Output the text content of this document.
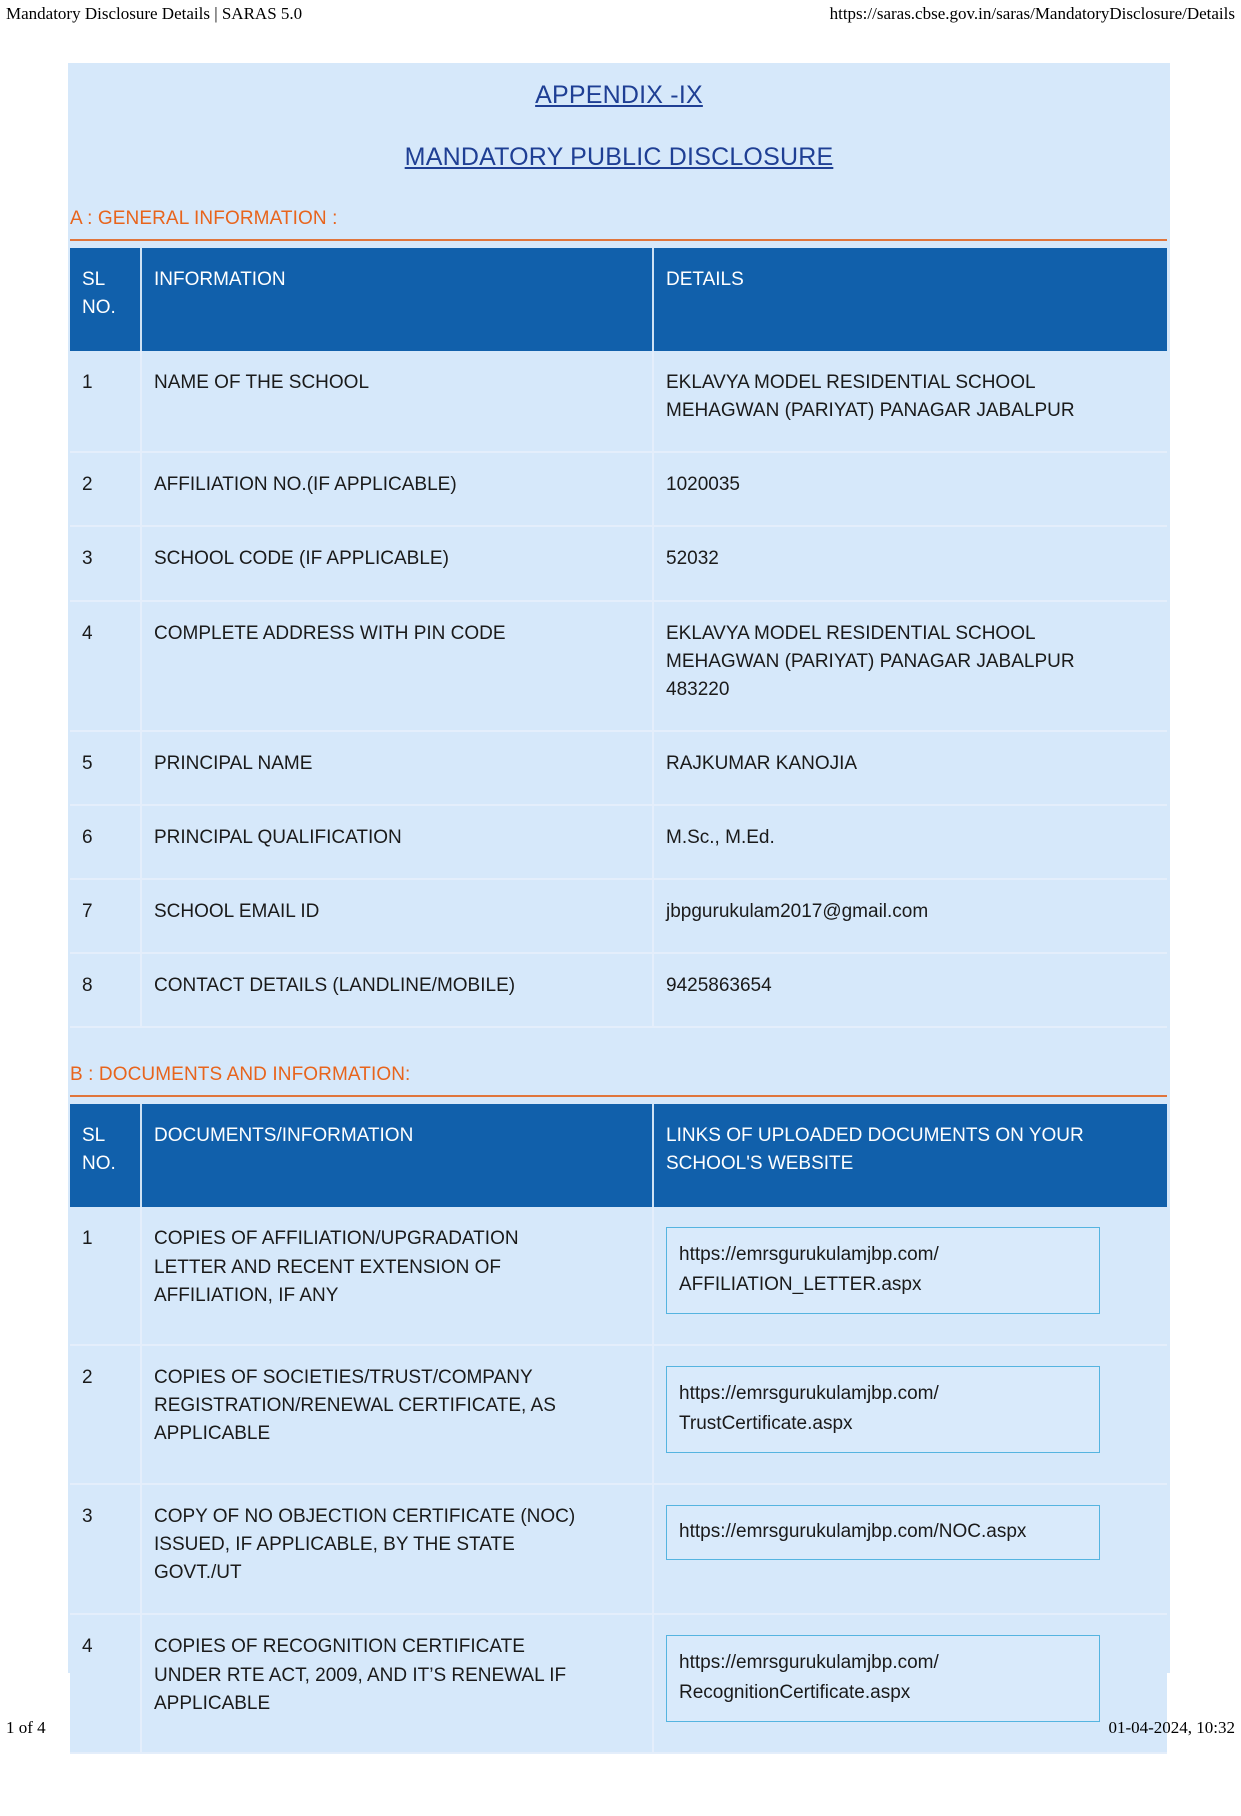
Mandatory Disclosure Details | SARAS 5.0	https://saras.cbse.gov.in/saras/MandatoryDisclosure/Details
APPENDIX -IX
MANDATORY PUBLIC DISCLOSURE
A : GENERAL INFORMATION :
SL
NO.	INFORMATION	DETAILS
1	NAME OF THE SCHOOL	EKLAVYA MODEL RESIDENTIAL SCHOOL
MEHAGWAN (PARIYAT) PANAGAR JABALPUR

2	AFFILIATION NO.(IF APPLICABLE)	1020035

3	SCHOOL CODE (IF APPLICABLE)	52032

4	COMPLETE ADDRESS WITH PIN CODE	EKLAVYA MODEL RESIDENTIAL SCHOOL
MEHAGWAN (PARIYAT) PANAGAR JABALPUR
483220

5	PRINCIPAL NAME	RAJKUMAR KANOJIA

6	PRINCIPAL QUALIFICATION	M.Sc., M.Ed.

7	SCHOOL EMAIL ID	jbpgurukulam2017@gmail.com

8	CONTACT DETAILS (LANDLINE/MOBILE)	9425863654
B : DOCUMENTS AND INFORMATION:
SL
NO.	DOCUMENTS/INFORMATION	LINKS OF UPLOADED DOCUMENTS ON YOUR
SCHOOL'S WEBSITE

1	COPIES OF AFFILIATION/UPGRADATION
LETTER AND RECENT EXTENSION OF
AFFILIATION, IF ANY	https://emrsgurukulamjbp.com/
AFFILIATION_LETTER.aspx

2	COPIES OF SOCIETIES/TRUST/COMPANY
REGISTRATION/RENEWAL CERTIFICATE, AS
APPLICABLE	https://emrsgurukulamjbp.com/
TrustCertificate.aspx

3	COPY OF NO OBJECTION CERTIFICATE (NOC)
ISSUED, IF APPLICABLE, BY THE STATE
GOVT./UT	https://emrsgurukulamjbp.com/NOC.aspx

4	COPIES OF RECOGNITION CERTIFICATE
UNDER RTE ACT, 2009, AND IT’S RENEWAL IF
APPLICABLE	https://emrsgurukulamjbp.com/
RecognitionCertificate.aspx
1 of 4	01-04-2024, 10:32
